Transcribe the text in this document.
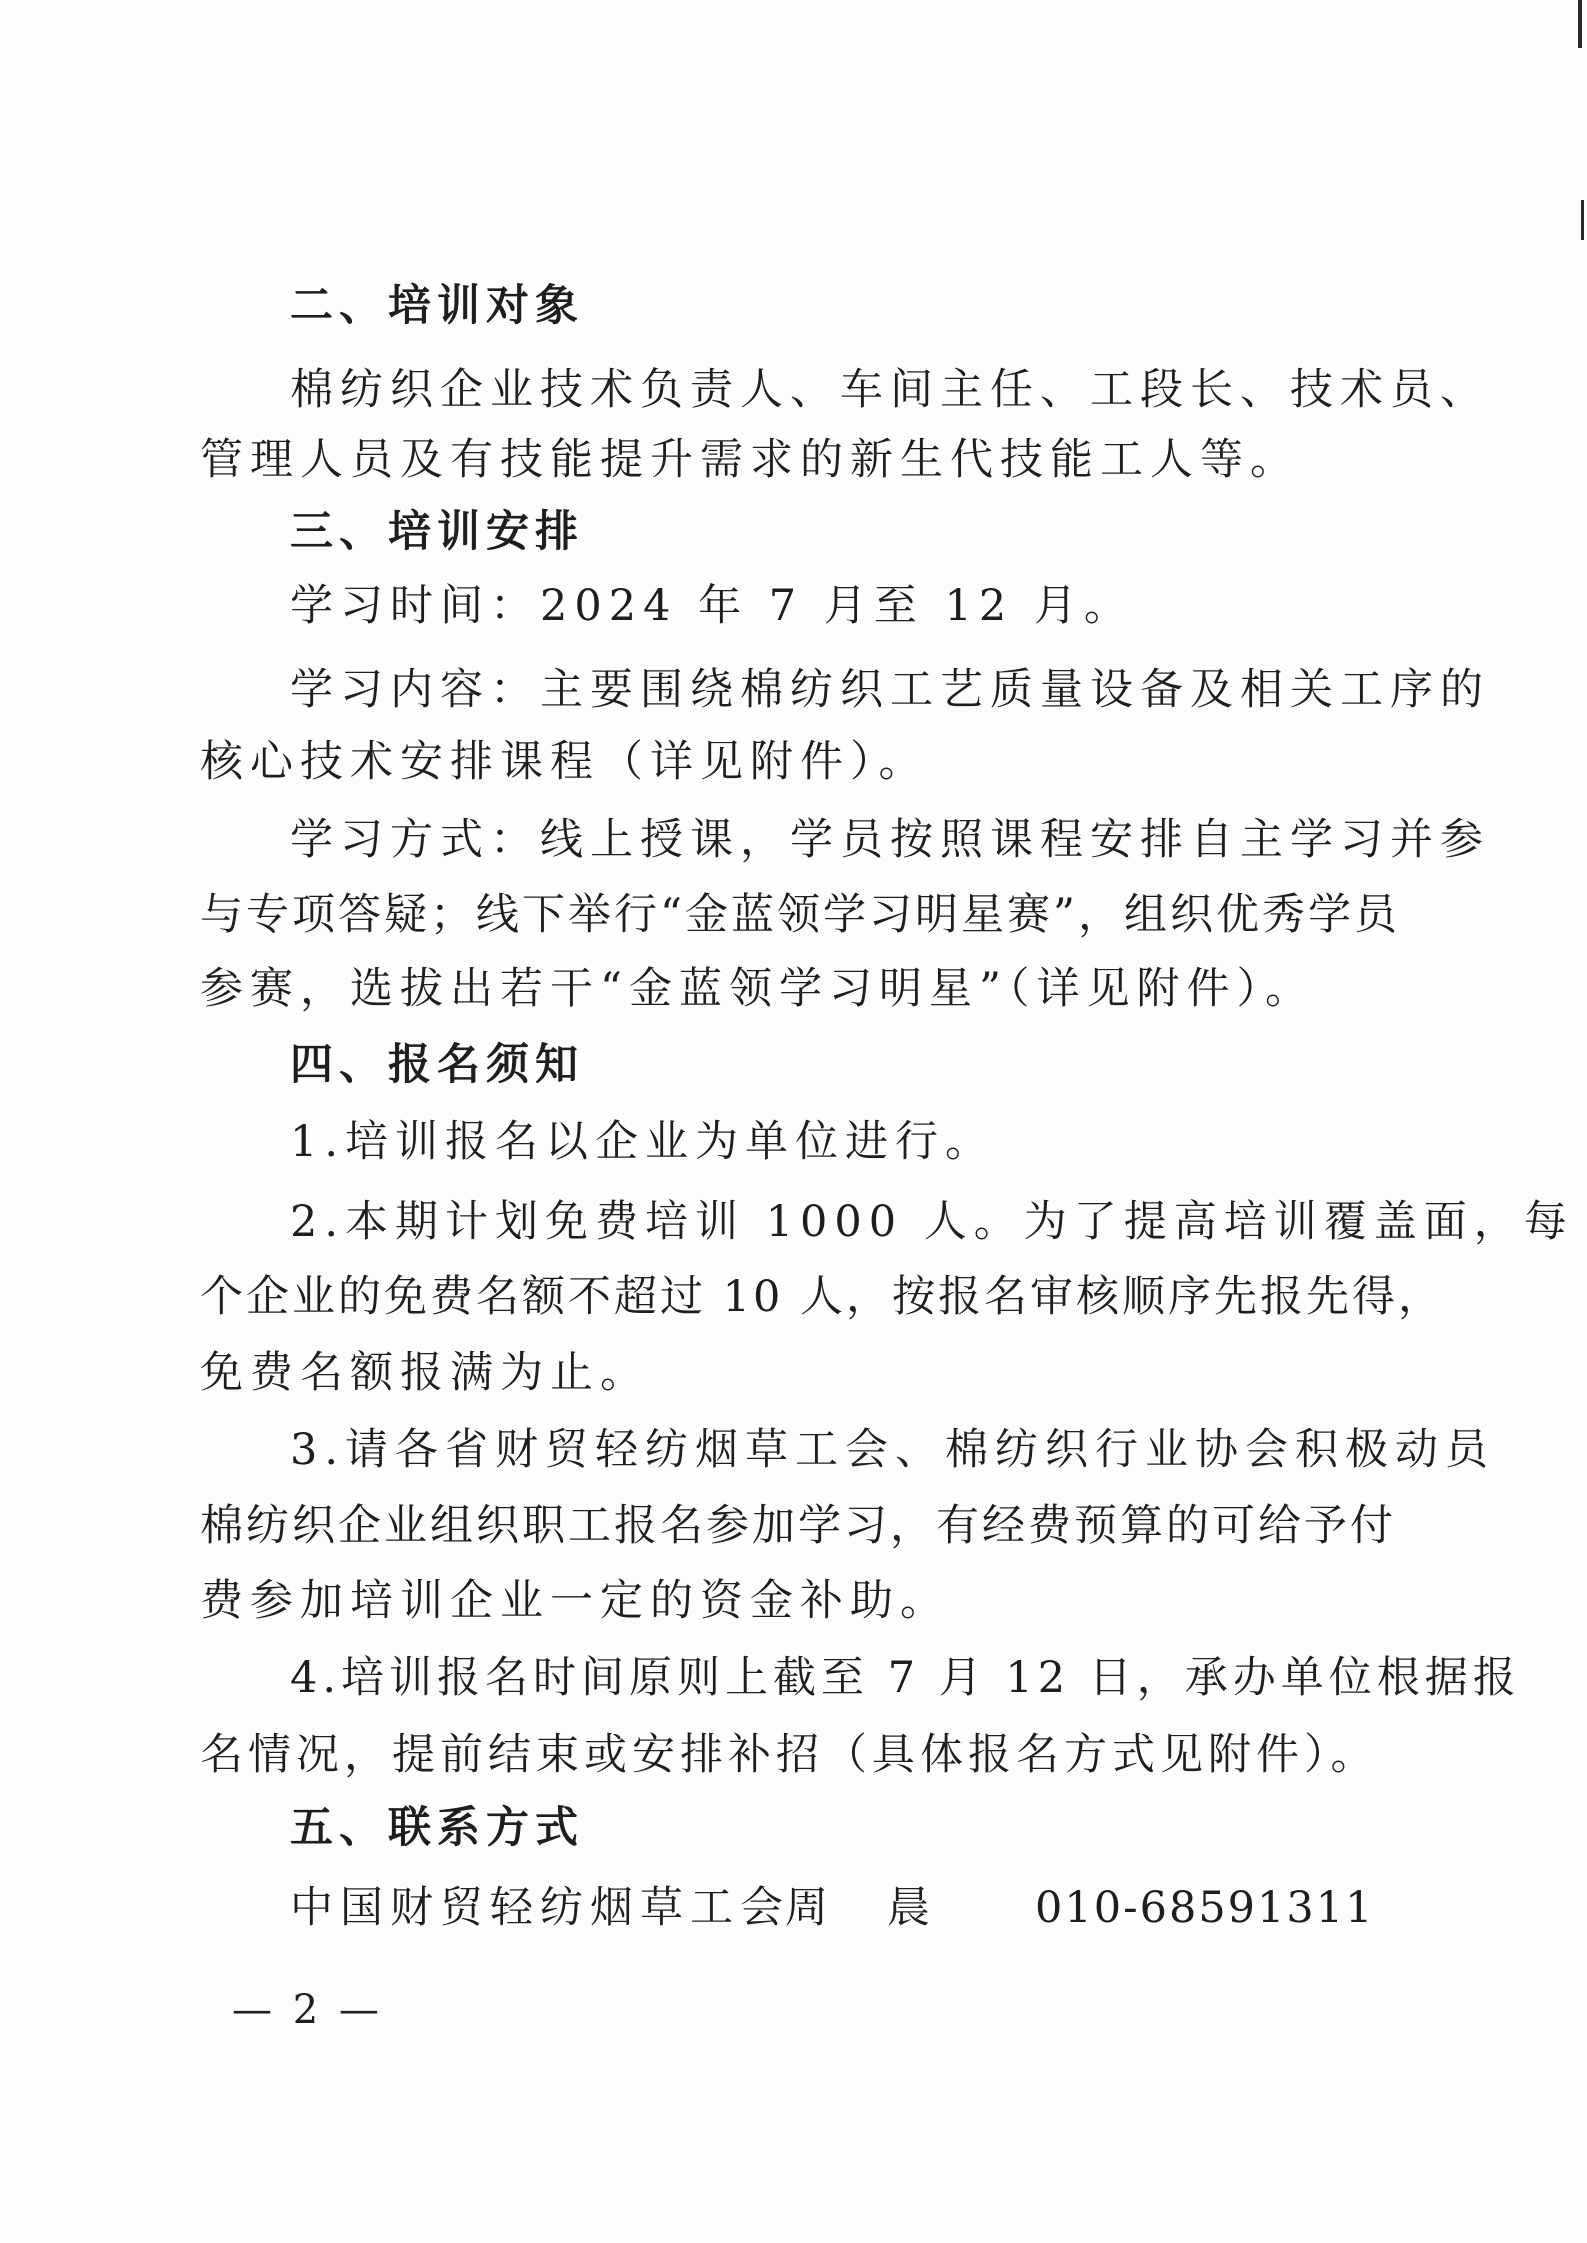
二、培训对象
棉纺织企业技术负责人、车间主任、工段长、技术员、
管理人员及有技能提升需求的新生代技能工人等。
三、培训安排
学习时间：2024 年 7 月至 12 月。
学习内容：主要围绕棉纺织工艺质量设备及相关工序的
核心技术安排课程（详见附件）。
学习方式：线上授课，学员按照课程安排自主学习并参
与专项答疑；线下举行“金蓝领学习明星赛”，组织优秀学员
参赛，选拔出若干“金蓝领学习明星”（详见附件）。
四、报名须知
1.培训报名以企业为单位进行。
2.本期计划免费培训 1000 人。为了提高培训覆盖面，每
个企业的免费名额不超过 10 人，按报名审核顺序先报先得，
免费名额报满为止。
3.请各省财贸轻纺烟草工会、棉纺织行业协会积极动员
棉纺织企业组织职工报名参加学习，有经费预算的可给予付
费参加培训企业一定的资金补助。
4.培训报名时间原则上截至 7 月 12 日，承办单位根据报
名情况，提前结束或安排补招（具体报名方式见附件）。
五、联系方式
中国财贸轻纺烟草工会
周　晨 010-68591311
— 2 —
